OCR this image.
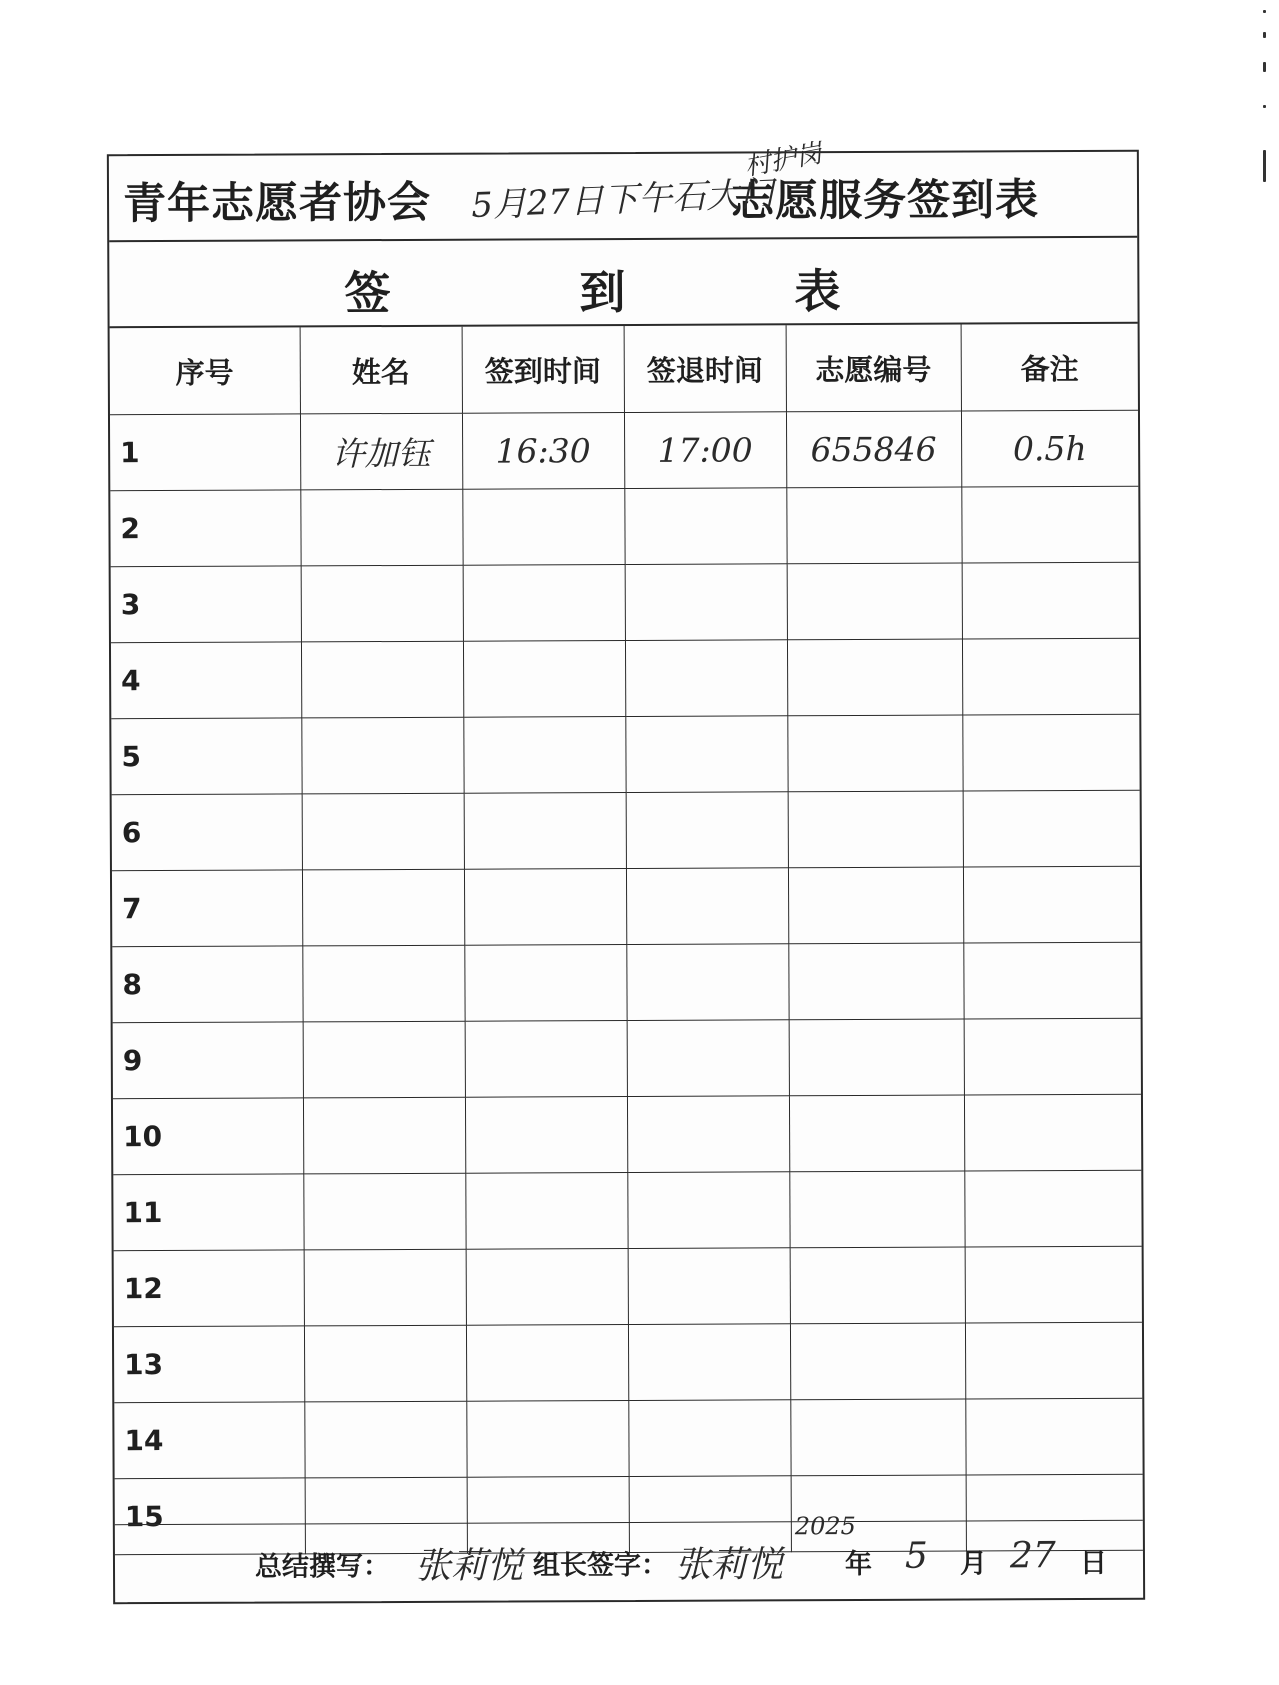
青年志愿者协会	志愿服务签到表
5月27日下午石大门
村护岗
签	到	表
序号	姓名	签到时间	签退时间	志愿编号	备注
1	许加钰	16:30	17:00	655846	0.5h

2	

3	

4	

5	

6	

7	

8	

9	

10	

11	

12	

13	

14	

15	

总结撰写： 张莉悦 组长签字： 张莉悦
2025
年 5 月 27 日
